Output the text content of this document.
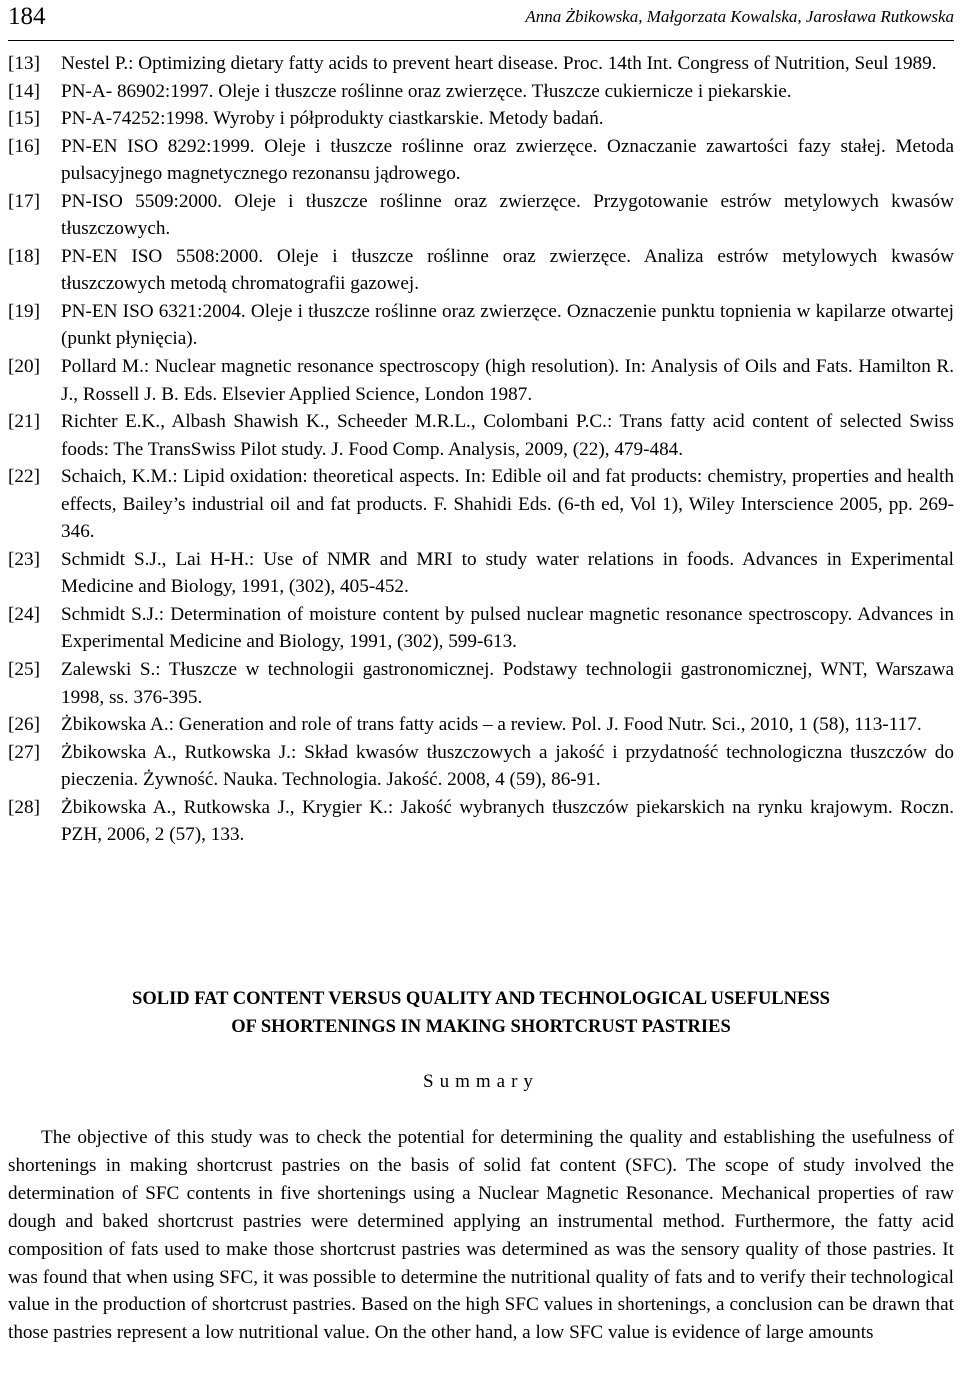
184	Anna Żbikowska, Małgorzata Kowalska, Jarosława Rutkowska
[13] Nestel P.: Optimizing dietary fatty acids to prevent heart disease. Proc. 14th Int. Congress of Nutrition, Seul 1989.
[14] PN-A- 86902:1997. Oleje i tłuszcze roślinne oraz zwierzęce. Tłuszcze cukiernicze i piekarskie.
[15] PN-A-74252:1998. Wyroby i półprodukty ciastkarskie. Metody badań.
[16] PN-EN ISO 8292:1999. Oleje i tłuszcze roślinne oraz zwierzęce. Oznaczanie zawartości fazy stałej. Metoda pulsacyjnego magnetycznego rezonansu jądrowego.
[17] PN-ISO 5509:2000. Oleje i tłuszcze roślinne oraz zwierzęce. Przygotowanie estrów metylowych kwasów tłuszczowych.
[18] PN-EN ISO 5508:2000. Oleje i tłuszcze roślinne oraz zwierzęce. Analiza estrów metylowych kwasów tłuszczowych metodą chromatografii gazowej.
[19] PN-EN ISO 6321:2004. Oleje i tłuszcze roślinne oraz zwierzęce. Oznaczenie punktu topnienia w kapilarze otwartej (punkt płynięcia).
[20] Pollard M.: Nuclear magnetic resonance spectroscopy (high resolution). In: Analysis of Oils and Fats. Hamilton R. J., Rossell J. B. Eds. Elsevier Applied Science, London 1987.
[21] Richter E.K., Albash Shawish K., Scheeder M.R.L., Colombani P.C.: Trans fatty acid content of selected Swiss foods: The TransSwiss Pilot study. J. Food Comp. Analysis, 2009, (22), 479-484.
[22] Schaich, K.M.: Lipid oxidation: theoretical aspects. In: Edible oil and fat products: chemistry, properties and health effects, Bailey’s industrial oil and fat products. F. Shahidi Eds. (6-th ed, Vol 1), Wiley Interscience 2005, pp. 269-346.
[23] Schmidt S.J., Lai H-H.: Use of NMR and MRI to study water relations in foods. Advances in Experimental Medicine and Biology, 1991, (302), 405-452.
[24] Schmidt S.J.: Determination of moisture content by pulsed nuclear magnetic resonance spectroscopy. Advances in Experimental Medicine and Biology, 1991, (302), 599-613.
[25] Zalewski S.: Tłuszcze w technologii gastronomicznej. Podstawy technologii gastronomicznej, WNT, Warszawa 1998, ss. 376-395.
[26] Żbikowska A.: Generation and role of trans fatty acids – a review. Pol. J. Food Nutr. Sci., 2010, 1 (58), 113-117.
[27] Żbikowska A., Rutkowska J.: Skład kwasów tłuszczowych a jakość i przydatność technologiczna tłuszczów do pieczenia. Żywność. Nauka. Technologia. Jakość. 2008, 4 (59), 86-91.
[28] Żbikowska A., Rutkowska J., Krygier K.: Jakość wybranych tłuszczów piekarskich na rynku krajowym. Roczn. PZH, 2006, 2 (57), 133.
SOLID FAT CONTENT VERSUS QUALITY AND TECHNOLOGICAL USEFULNESS
OF SHORTENINGS IN MAKING SHORTCRUST PASTRIES
Summary
The objective of this study was to check the potential for determining the quality and establishing the usefulness of shortenings in making shortcrust pastries on the basis of solid fat content (SFC). The scope of study involved the determination of SFC contents in five shortenings using a Nuclear Magnetic Resonance. Mechanical properties of raw dough and baked shortcrust pastries were determined applying an instrumental method. Furthermore, the fatty acid composition of fats used to make those shortcrust pastries was determined as was the sensory quality of those pastries. It was found that when using SFC, it was possible to determine the nutritional quality of fats and to verify their technological value in the production of shortcrust pastries. Based on the high SFC values in shortenings, a conclusion can be drawn that those pastries represent a low nutritional value. On the other hand, a low SFC value is evidence of large amounts
